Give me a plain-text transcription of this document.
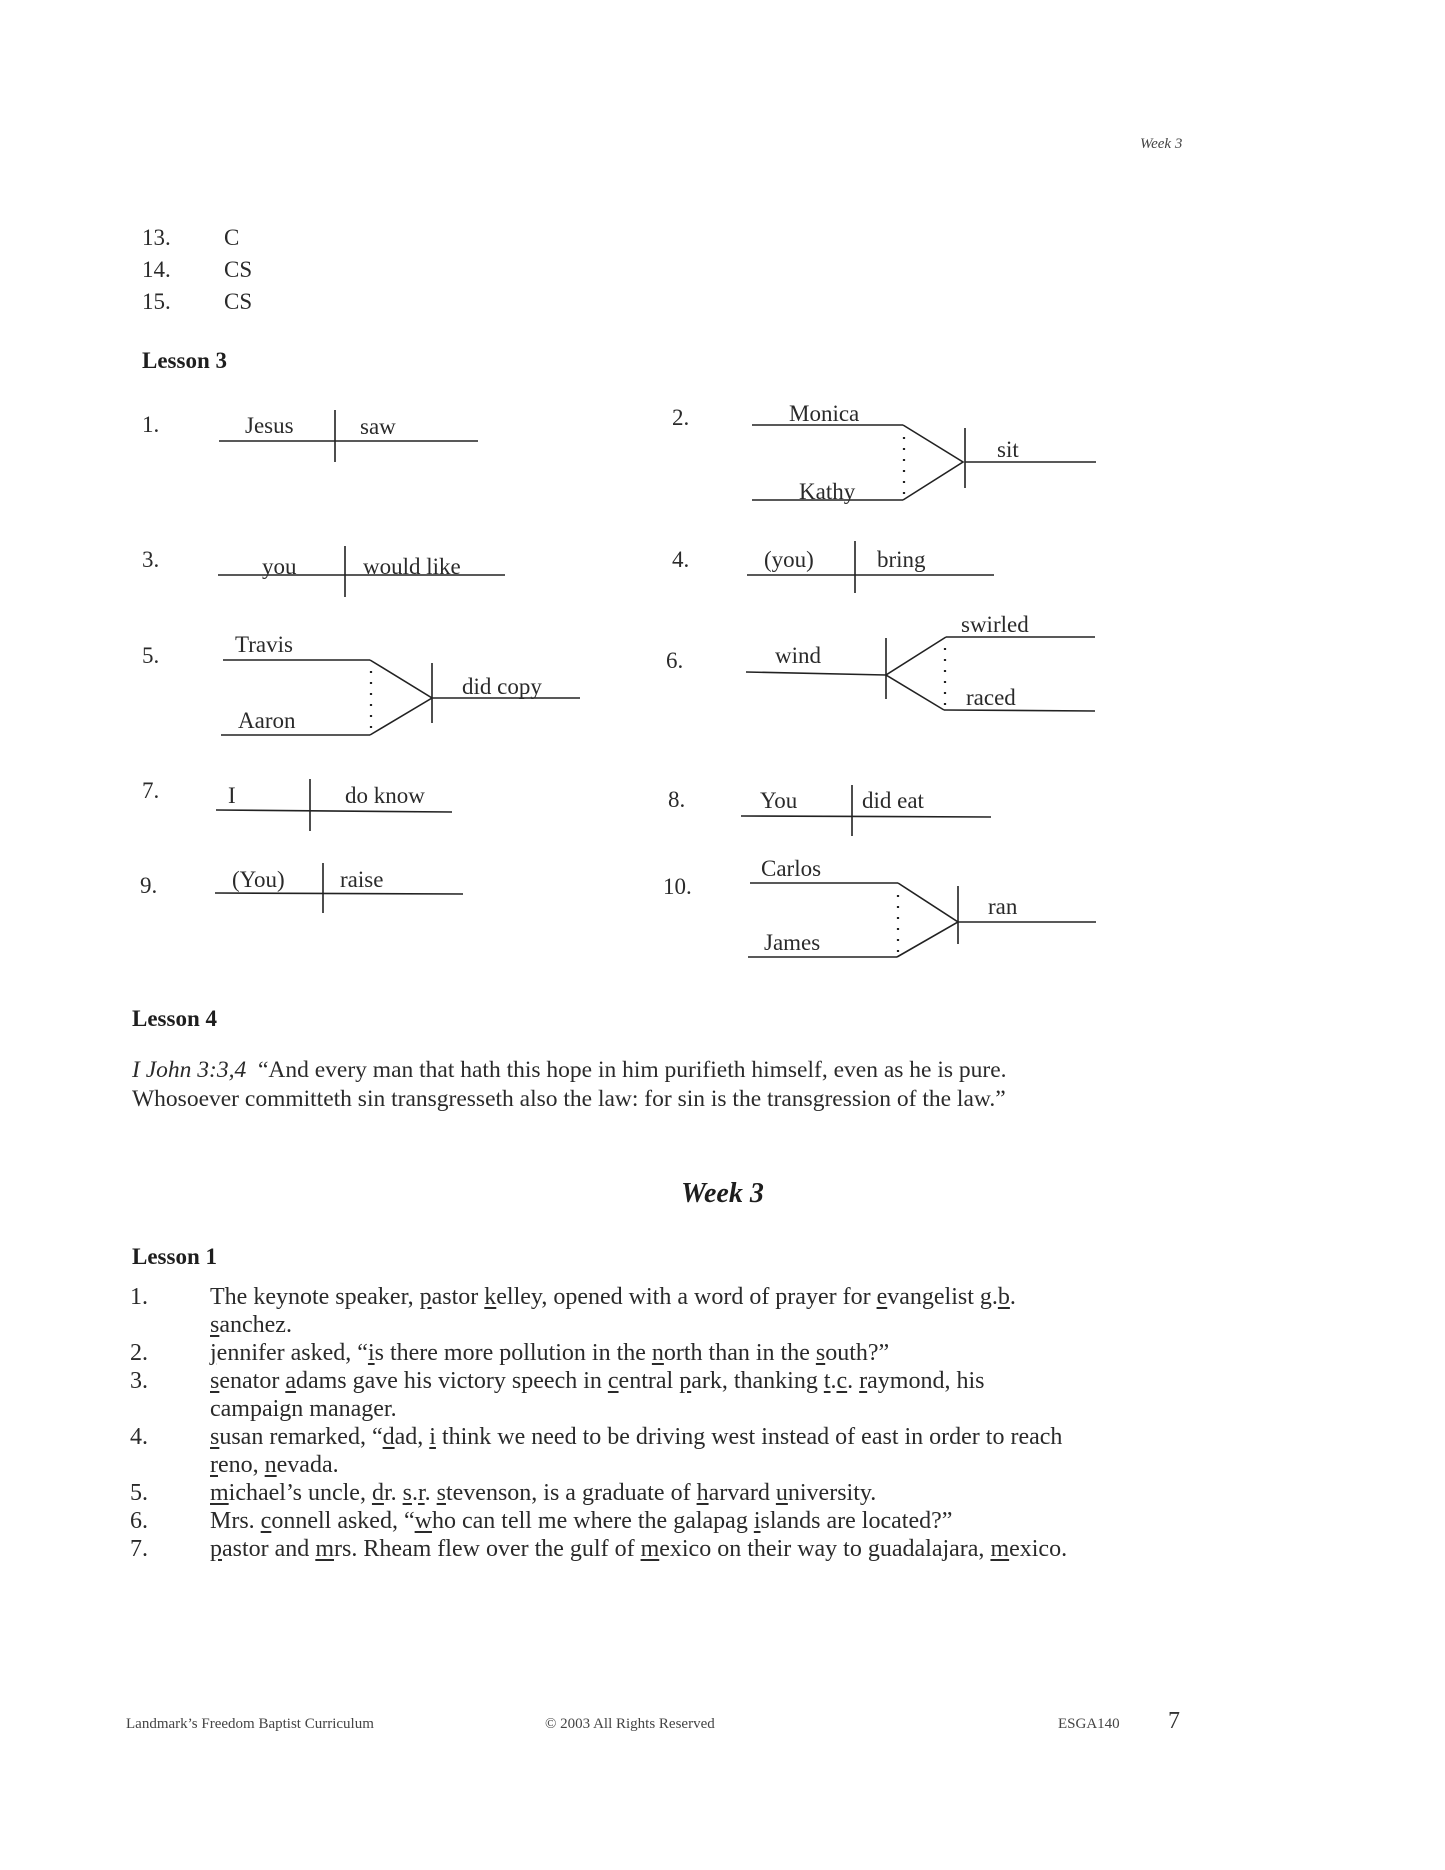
Week 3
13.	C
14.	CS
15.	CS
Lesson 3
1.	Jesus	saw	2.	Monica
Kathy
sit
3.	you	would like	4.	(you)	bring
5.	Travis
Aaron
did copy
6.	wind
swirled
raced
7.	I	do know	8.	You	did eat
9.	(You) raise	10.
Carlos
James
ran
Lesson 4
I John 3:3,4 “And every man that hath this hope in him purifieth himself, even as he is pure.
Whosoever committeth sin transgresseth also the law: for sin is the transgression of the law.”
Week 3
Lesson 1
1.	The keynote speaker, pastor kelley, opened with a word of prayer for evangelist g.b.
sanchez.
2.	jennifer asked, “is there more pollution in the north than in the south?”
3.	senator adams gave his victory speech in central park, thanking t.c. raymond, his
campaign manager.
4.	susan remarked, “dad, i think we need to be driving west instead of east in order to reach
reno, nevada.
5.	michael’s uncle, dr. s.r. stevenson, is a graduate of harvard university.
6.	Mrs. connell asked, “who can tell me where the galapag islands are located?”
7.	pastor and mrs. Rheam flew over the gulf of mexico on their way to guadalajara, mexico.
Landmark’s Freedom Baptist Curriculum	© 2003 All Rights Reserved	ESGA140 7
